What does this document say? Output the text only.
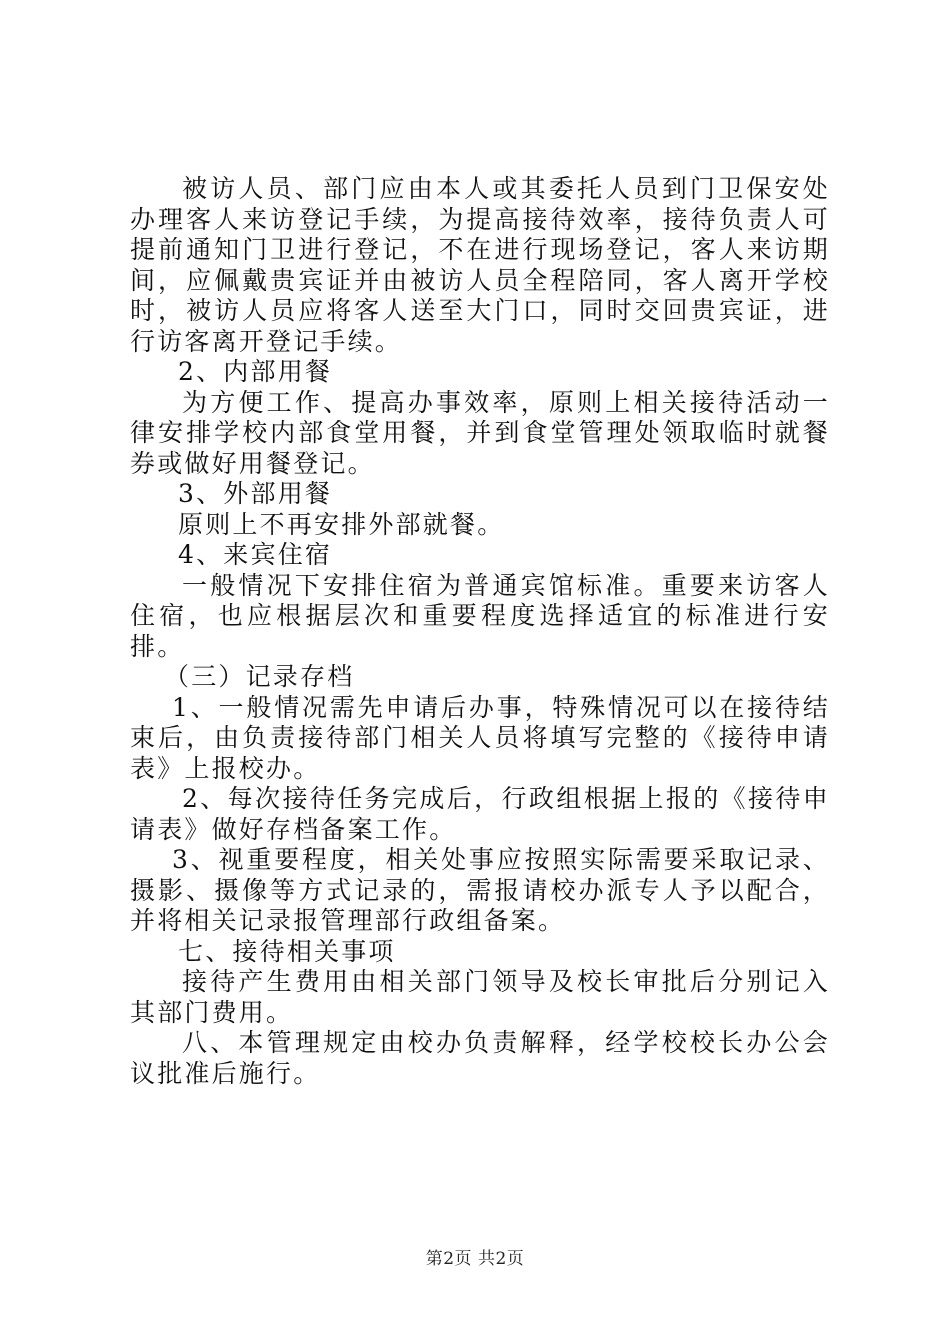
被访人员、部门应由本人或其委托人员到门卫保安处办理客人来访登记手续，为提高接待效率，接待负责人可提前通知门卫进行登记，不在进行现场登记，客人来访期间，应佩戴贵宾证并由被访人员全程陪同，客人离开学校时，被访人员应将客人送至大门口，同时交回贵宾证，进行访客离开登记手续。

2、内部用餐

为方便工作、提高办事效率，原则上相关接待活动一律安排学校内部食堂用餐，并到食堂管理处领取临时就餐券或做好用餐登记。

3、外部用餐

原则上不再安排外部就餐。

4、来宾住宿

一般情况下安排住宿为普通宾馆标准。重要来访客人住宿，也应根据层次和重要程度选择适宜的标准进行安排。

（三）记录存档

1、一般情况需先申请后办事，特殊情况可以在接待结束后，由负责接待部门相关人员将填写完整的《接待申请表》上报校办。

2、每次接待任务完成后，行政组根据上报的《接待申请表》做好存档备案工作。

3、视重要程度，相关处事应按照实际需要采取记录、摄影、摄像等方式记录的，需报请校办派专人予以配合，并将相关记录报管理部行政组备案。

七、接待相关事项

接待产生费用由相关部门领导及校长审批后分别记入其部门费用。

八、本管理规定由校办负责解释，经学校校长办公会议批准后施行。

第2页 共2页
